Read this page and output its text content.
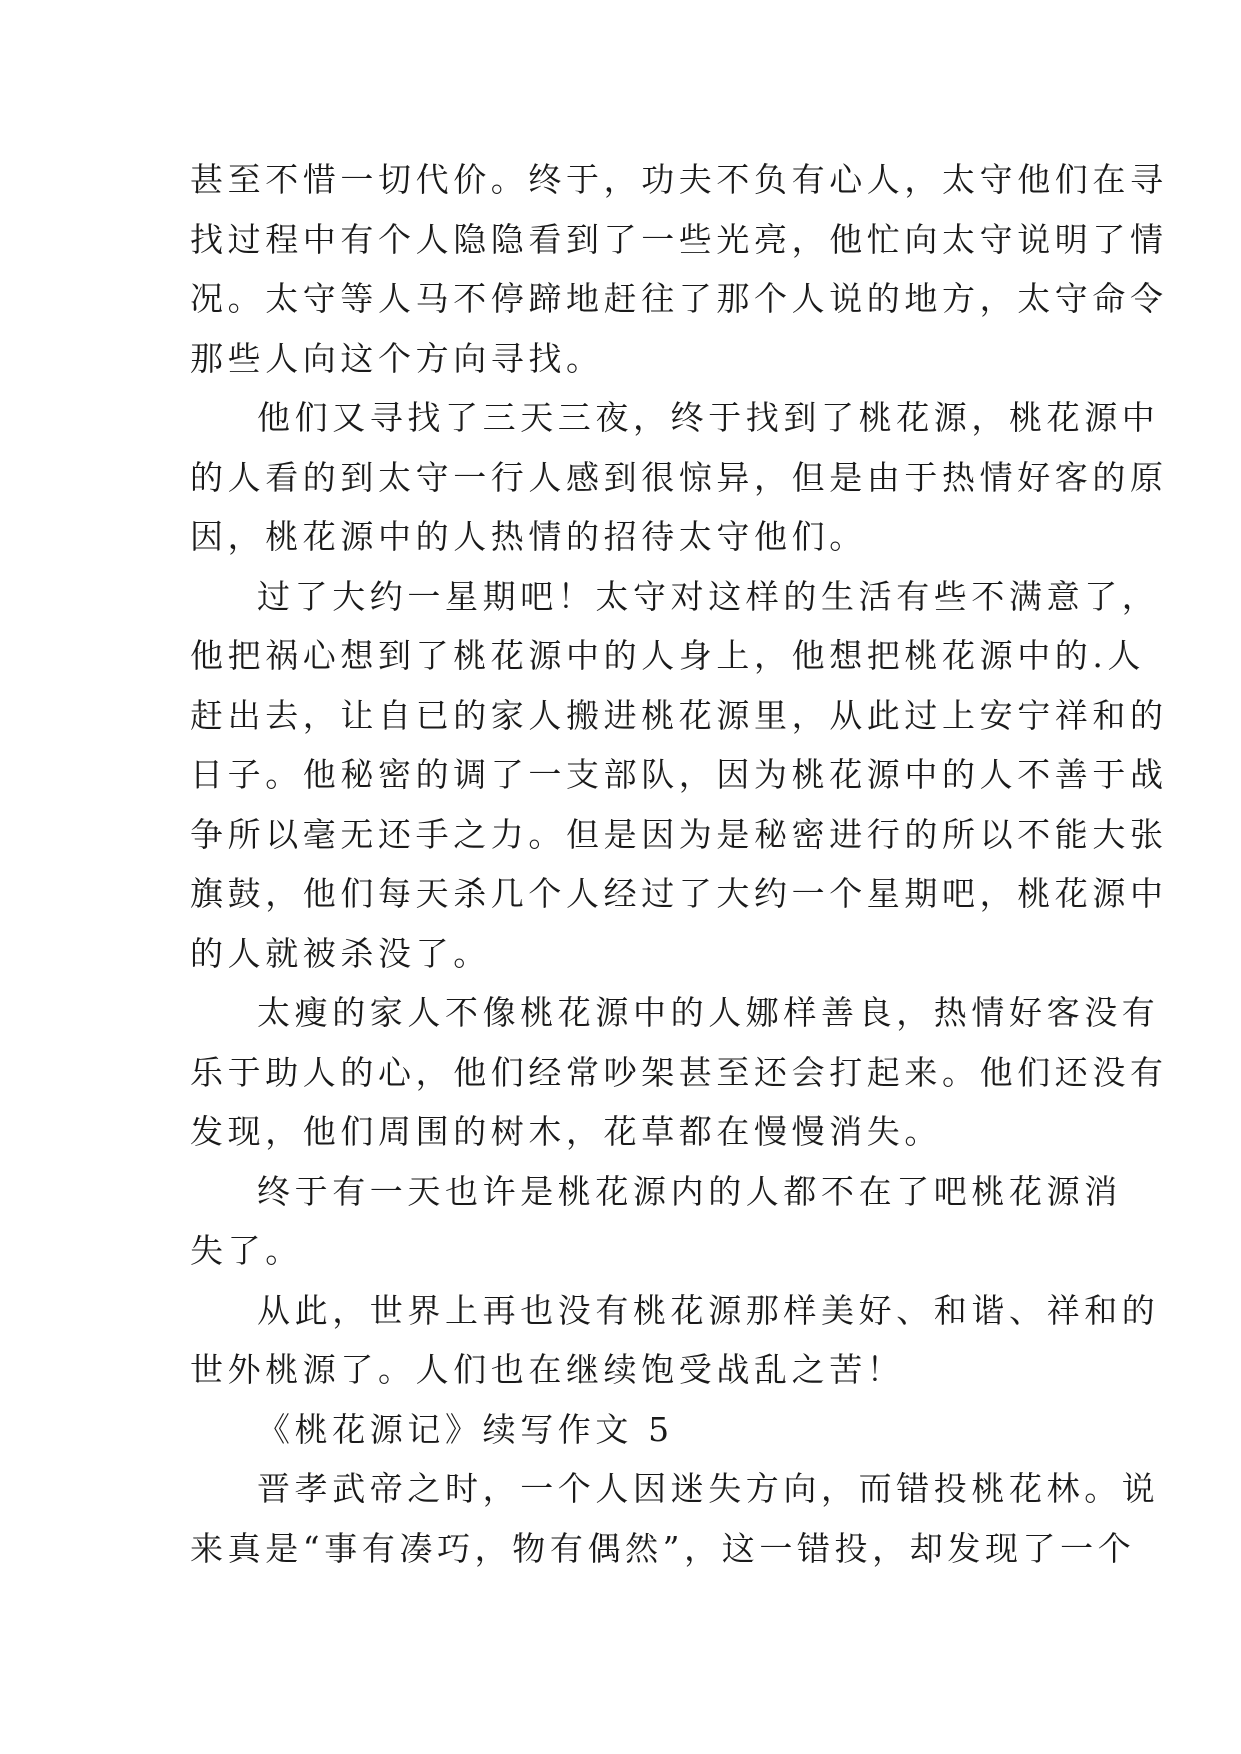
甚至不惜一切代价。终于，功夫不负有心人，太守他们在寻
找过程中有个人隐隐看到了一些光亮，他忙向太守说明了情
况。太守等人马不停蹄地赶往了那个人说的地方，太守命令
那些人向这个方向寻找。

他们又寻找了三天三夜，终于找到了桃花源，桃花源中
的人看的到太守一行人感到很惊异，但是由于热情好客的原
因，桃花源中的人热情的招待太守他们。

过了大约一星期吧！太守对这样的生活有些不满意了，
他把祸心想到了桃花源中的人身上，他想把桃花源中的.人
赶出去，让自已的家人搬进桃花源里，从此过上安宁祥和的
日子。他秘密的调了一支部队，因为桃花源中的人不善于战
争所以毫无还手之力。但是因为是秘密进行的所以不能大张
旗鼓，他们每天杀几个人经过了大约一个星期吧，桃花源中
的人就被杀没了。

太瘦的家人不像桃花源中的人娜样善良，热情好客没有
乐于助人的心，他们经常吵架甚至还会打起来。他们还没有
发现，他们周围的树木，花草都在慢慢消失。

终于有一天也许是桃花源内的人都不在了吧桃花源消
失了。

从此，世界上再也没有桃花源那样美好、和谐、祥和的
世外桃源了。人们也在继续饱受战乱之苦！

《桃花源记》续写作文 5

晋孝武帝之时，一个人因迷失方向，而错投桃花林。说
来真是“事有凑巧，物有偶然”，这一错投，却发现了一个
